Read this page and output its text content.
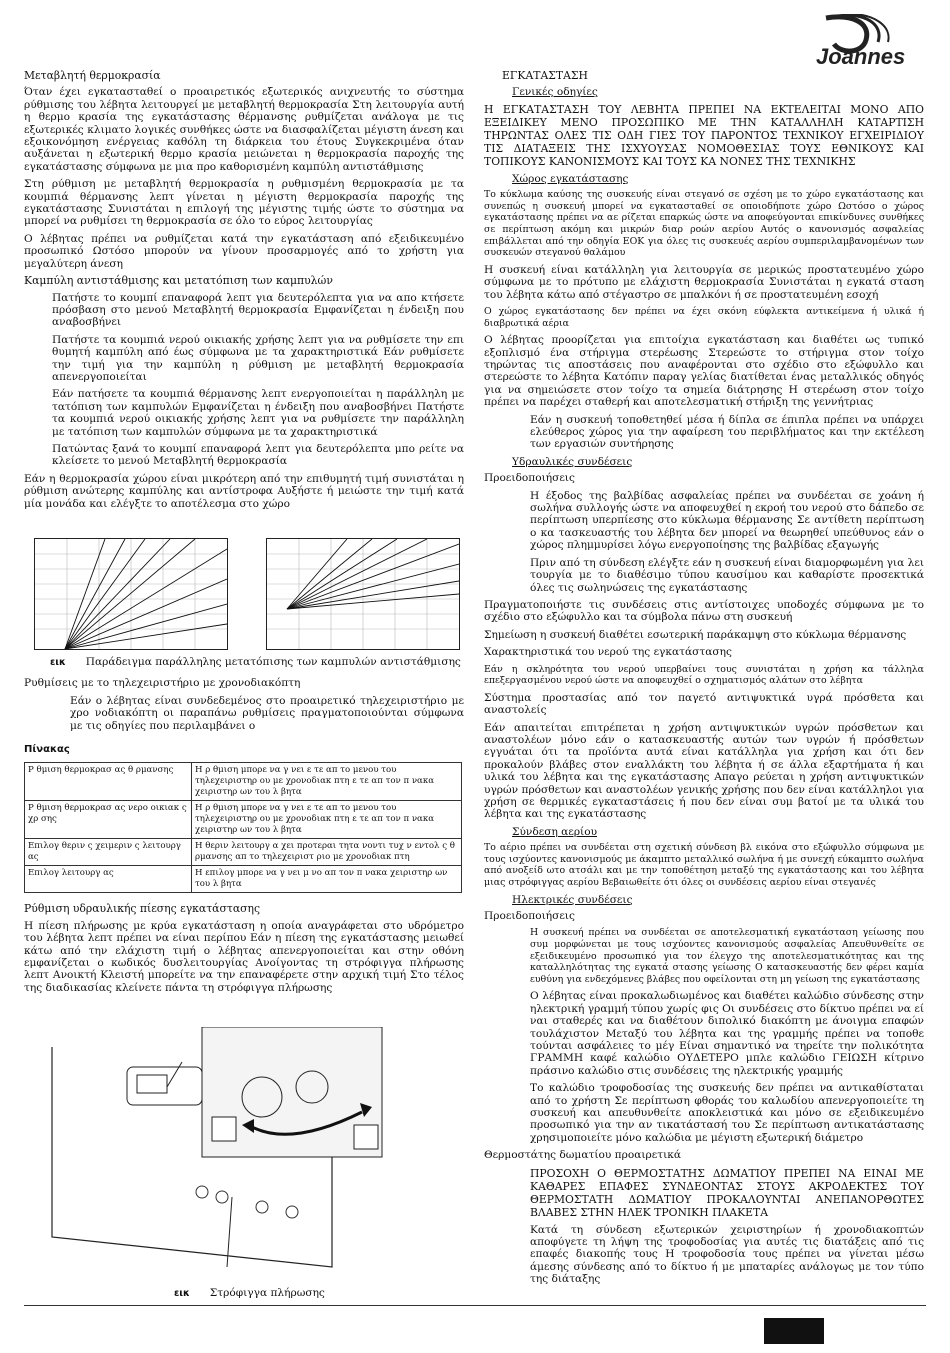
Joannes

Μεταβλητή θερμοκρασία

Όταν έχει εγκατασταθεί ο προαιρετικός εξωτερικός ανιχνευτής το σύστημα ρύθμισης του λέβητα λειτουργεί με μεταβλητή θερμοκρασία Στη λειτουργία αυτή η θερμο κρασία της εγκατάστασης θέρμανσης ρυθμίζεται ανάλογα με τις εξωτερικές κλιματο λογικές συνθήκες ώστε να διασφαλίζεται μέγιστη άνεση και εξοικονόμηση ενέργειας καθόλη τη διάρκεια του έτους Συγκεκριμένα όταν αυξάνεται η εξωτερική θερμο κρασία μειώνεται η θερμοκρασία παροχής της εγκατάστασης σύμφωνα με μια προ καθορισμένη καμπύλη αντιστάθμισης

Στη ρύθμιση με μεταβλητή θερμοκρασία η ρυθμισμένη θερμοκρασία με τα κουμπιά θέρμανσης λεπτ γίνεται η μέγιστη θερμοκρασία παροχής της εγκατάστασης Συνιστάται η επιλογή της μέγιστης τιμής ώστε το σύστημα να μπορεί να ρυθμίσει τη θερμοκρασία σε όλο το εύρος λειτουργίας

Ο λέβητας πρέπει να ρυθμίζεται κατά την εγκατάσταση από εξειδικευμένο προσωπικό Ωστόσο μπορούν να γίνουν προσαρμογές από το χρήστη για μεγαλύτερη άνεση

Καμπύλη αντιστάθμισης και μετατόπιση των καμπυλών

Πατήστε το κουμπί επαναφορά λεπτ για δευτερόλεπτα για να απο κτήσετε πρόσβαση στο μενού Μεταβλητή θερμοκρασία Εμφανίζεται η ένδειξη που αναβοσβήνει

Πατήστε τα κουμπιά νερού οικιακής χρήσης λεπτ για να ρυθμίσετε την επι θυμητή καμπύλη από έως σύμφωνα με τα χαρακτηριστικά Εάν ρυθμίσετε την τιμή για την καμπύλη η ρύθμιση με μεταβλητή θερμοκρασία απενεργοποιείται

Εάν πατήσετε τα κουμπιά θέρμανσης λεπτ ενεργοποιείται η παράλληλη με τατόπιση των καμπυλών Εμφανίζεται η ένδειξη που αναβοσβήνει Πατήστε τα κουμπιά νερού οικιακής χρήσης λεπτ για να ρυθμίσετε την παράλληλη με τατόπιση των καμπυλών σύμφωνα με τα χαρακτηριστικά

Πατώντας ξανά το κουμπί επαναφορά λεπτ για δευτερόλεπτα μπο ρείτε να κλείσετε το μενού Μεταβλητή θερμοκρασία

Εάν η θερμοκρασία χώρου είναι μικρότερη από την επιθυμητή τιμή συνιστάται η ρύθμιση ανώτερης καμπύλης και αντίστροφα Αυξήστε ή μειώστε την τιμή κατά μία μονάδα και ελέγξτε το αποτέλεσμα στο χώρο

εικ Παράδειγμα παράλληλης μετατόπισης των καμπυλών αντιστάθμισης

Ρυθμίσεις με το τηλεχειριστήριο με χρονοδιακόπτη

Εάν ο λέβητας είναι συνδεδεμένος στο προαιρετικό τηλεχειριστήριο με χρο νοδιακόπτη οι παραπάνω ρυθμίσεις πραγματοποιούνται σύμφωνα με τις οδηγίες που περιλαμβάνει ο

Πίνακας

Ρ θμιση θερμοκρασ ας θ ρμανσης	Η ρ θμιση μπορε να γ νει ε τε απ το μενου του τηλεχειριστηρ ου με χρονοδιακ πτη ε τε απ τον π νακα χειριστηρ ων του λ βητα
Ρ θμιση θερμοκρασ ας νερο οικιακ ς χρ σης	Η ρ θμιση μπορε να γ νει ε τε απ το μενου του τηλεχειριστηρ ου με χρονοδιακ πτη ε τε απ τον π νακα χειριστηρ ων του λ βητα
Επιλογ θεριν ς χειμεριν ς λειτουργ ας	Η θεριν λειτουργ α χει προτεραι τητα νοντι τυχ ν εντολ ς θ ρμανσης απ το τηλεχειριστ ριο με χρονοδιακ πτη
Επιλογ λειτουργ ας	Η επιλογ μπορε να γ νει μ νο απ τον π νακα χειριστηρ ων του λ βητα

Ρύθμιση υδραυλικής πίεσης εγκατάστασης

Η πίεση πλήρωσης με κρύα εγκατάσταση η οποία αναγράφεται στο υδρόμετρο του λέβητα λεπτ πρέπει να είναι περίπου Εάν η πίεση της εγκατάστασης μειωθεί κάτω από την ελάχιστη τιμή ο λέβητας απενεργοποιείται και στην οθόνη εμφανίζεται ο κωδικός δυσλειτουργίας Ανοίγοντας τη στρόφιγγα πλήρωσης λεπτ Ανοικτή Κλειστή μπορείτε να την επαναφέρετε στην αρχική τιμή Στο τέλος της διαδικασίας κλείνετε πάντα τη στρόφιγγα πλήρωσης

εικ Στρόφιγγα πλήρωσης

ΕΓΚΑΤΑΣΤΑΣΗ

Γενικές οδηγίες

Η ΕΓΚΑΤΑΣΤΑΣΗ ΤΟΥ ΛΕΒΗΤΑ ΠΡΕΠΕΙ ΝΑ ΕΚΤΕΛΕΙΤΑΙ ΜΟΝΟ ΑΠΟ ΕΞΕΙΔΙΚΕΥ ΜΕΝΟ ΠΡΟΣΩΠΙΚΟ ΜΕ ΤΗΝ ΚΑΤΑΛΛΗΛΗ ΚΑΤΑΡΤΙΣΗ ΤΗΡΩΝΤΑΣ ΟΛΕΣ ΤΙΣ ΟΔΗ ΓΙΕΣ ΤΟΥ ΠΑΡΟΝΤΟΣ ΤΕΧΝΙΚΟΥ ΕΓΧΕΙΡΙΔΙΟΥ ΤΙΣ ΔΙΑΤΑΞΕΙΣ ΤΗΣ ΙΣΧΥΟΥΣΑΣ ΝΟΜΟΘΕΣΙΑΣ ΤΟΥΣ ΕΘΝΙΚΟΥΣ ΚΑΙ ΤΟΠΙΚΟΥΣ ΚΑΝΟΝΙΣΜΟΥΣ ΚΑΙ ΤΟΥΣ ΚΑ ΝΟΝΕΣ ΤΗΣ ΤΕΧΝΙΚΗΣ

Χώρος εγκατάστασης

Το κύκλωμα καύσης της συσκευής είναι στεγανό σε σχέση με το χώρο εγκατάστασης και συνεπώς η συσκευή μπορεί να εγκατασταθεί σε οποιοδήποτε χώρο Ωστόσο ο χώρος εγκατάστασης πρέπει να αε ρίζεται επαρκώς ώστε να αποφεύγονται επικίνδυνες συνθήκες σε περίπτωση ακόμη και μικρών διαρ ροών αερίου Αυτός ο κανονισμός ασφαλείας επιβάλλεται από την οδηγία ΕΟΚ για όλες τις συσκευές αερίου συμπεριλαμβανομένων των συσκευών στεγανού θαλάμου

Η συσκευή είναι κατάλληλη για λειτουργία σε μερικώς προστατευμένο χώρο σύμφωνα με το πρότυπο με ελάχιστη θερμοκρασία Συνιστάται η εγκατά σταση του λέβητα κάτω από στέγαστρο σε μπαλκόνι ή σε προστατευμένη εσοχή

Ο χώρος εγκατάστασης δεν πρέπει να έχει σκόνη εύφλεκτα αντικείμενα ή υλικά ή διαβρωτικά αέρια

Ο λέβητας προορίζεται για επιτοίχια εγκατάσταση και διαθέτει ως τυπικό εξοπλισμό ένα στήριγμα στερέωσης Στερεώστε το στήριγμα στον τοίχο τηρώντας τις αποστάσεις που αναφέρονται στο σχέδιο στο εξώφυλλο και στερεώστε το λέβητα Κατόπιν παραγ γελίας διατίθεται ένας μεταλλικός οδηγός για να σημειώσετε στον τοίχο τα σημεία διάτρησης Η στερέωση στον τοίχο πρέπει να παρέχει σταθερή και αποτελεσματική στήριξη της γεννήτριας

Εάν η συσκευή τοποθετηθεί μέσα ή δίπλα σε έπιπλα πρέπει να υπάρχει ελεύθερος χώρος για την αφαίρεση του περιβλήματος και την εκτέλεση των εργασιών συντήρησης

Υδραυλικές συνδέσεις

Προειδοποιήσεις

Η έξοδος της βαλβίδας ασφαλείας πρέπει να συνδέεται σε χοάνη ή σωλήνα συλλογής ώστε να αποφευχθεί η εκροή του νερού στο δάπεδο σε περίπτωση υπερπίεσης στο κύκλωμα θέρμανσης Σε αντίθετη περίπτωση ο κα τασκευαστής του λέβητα δεν μπορεί να θεωρηθεί υπεύθυνος εάν ο χώρος πλημμυρίσει λόγω ενεργοποίησης της βαλβίδας εξαγωγής

Πριν από τη σύνδεση ελέγξτε εάν η συσκευή είναι διαμορφωμένη για λει τουργία με το διαθέσιμο τύπου καυσίμου και καθαρίστε προσεκτικά όλες τις σωληνώσεις της εγκατάστασης

Πραγματοποιήστε τις συνδέσεις στις αντίστοιχες υποδοχές σύμφωνα με το σχέδιο στο εξώφυλλο και τα σύμβολα πάνω στη συσκευή

Σημείωση η συσκευή διαθέτει εσωτερική παράκαμψη στο κύκλωμα θέρμανσης

Χαρακτηριστικά του νερού της εγκατάστασης

Εάν η σκληρότητα του νερού υπερβαίνει τους συνιστάται η χρήση κα τάλληλα επεξεργασμένου νερού ώστε να αποφευχθεί ο σχηματισμός αλάτων στο λέβητα

Σύστημα προστασίας από τον παγετό αντιψυκτικά υγρά πρόσθετα και αναστολείς

Εάν απαιτείται επιτρέπεται η χρήση αντιψυκτικών υγρών πρόσθετων και αναστολέων μόνο εάν ο κατασκευαστής αυτών των υγρών ή πρόσθετων εγγυάται ότι τα προϊόντα αυτά είναι κατάλληλα για χρήση και ότι δεν προκαλούν βλάβες στον εναλλάκτη του λέβητα ή σε άλλα εξαρτήματα ή και υλικά του λέβητα και της εγκατάστασης Απαγο ρεύεται η χρήση αντιψυκτικών υγρών πρόσθετων και αναστολέων γενικής χρήσης που δεν είναι κατάλληλοι για χρήση σε θερμικές εγκαταστάσεις ή που δεν είναι συμ βατοί με τα υλικά του λέβητα και της εγκατάστασης

Σύνδεση αερίου

Το αέριο πρέπει να συνδέεται στη σχετική σύνδεση βλ εικόνα στο εξώφυλλο σύμφωνα με τους ισχύοντες κανονισμούς με άκαμπτο μεταλλικό σωλήνα ή με συνεχή εύκαμπτο σωλήνα από ανοξείδ ωτο ατσάλι και με την τοποθέτηση μεταξύ της εγκατάστασης και του λέβητα μιας στρόφιγγας αερίου Βεβαιωθείτε ότι όλες οι συνδέσεις αερίου είναι στεγανές

Ηλεκτρικές συνδέσεις

Προειδοποιήσεις

Η συσκευή πρέπει να συνδέεται σε αποτελεσματική εγκατάσταση γείωσης που συμ μορφώνεται με τους ισχύοντες κανονισμούς ασφαλείας Απευθυνθείτε σε εξειδικευμένο προσωπικό για τον έλεγχο της αποτελεσματικότητας και της καταλληλότητας της εγκατά στασης γείωσης Ο κατασκευαστής δεν φέρει καμία ευθύνη για ενδεχόμενες βλάβες που οφείλονται στη μη γείωση της εγκατάστασης

Ο λέβητας είναι προκαλωδιωμένος και διαθέτει καλώδιο σύνδεσης στην ηλεκτρική γραμμή τύπου χωρίς φις Οι συνδέσεις στο δίκτυο πρέπει να εί ναι σταθερές και να διαθέτουν διπολικό διακόπτη με άνοιγμα επαφών τουλάχιστον Μεταξύ του λέβητα και της γραμμής πρέπει να τοποθε τούνται ασφάλειες το μέγ Είναι σημαντικό να τηρείτε την πολικότητα ΓΡΑΜΜΗ καφέ καλώδιο ΟΥΔΕΤΕΡΟ μπλε καλώδιο ΓΕΙΩΣΗ κίτρινο πράσινο καλώδιο στις συνδέσεις της ηλεκτρικής γραμμής

Το καλώδιο τροφοδοσίας της συσκευής δεν πρέπει να αντικαθίσταται από το χρήστη Σε περίπτωση φθοράς του καλωδίου απενεργοποιείτε τη συσκευή και απευθυνθείτε αποκλειστικά και μόνο σε εξειδικευμένο προσωπικό για την αν τικατάστασή του Σε περίπτωση αντικατάστασης χρησιμοποιείτε μόνο καλώδια με μέγιστη εξωτερική διάμετρο

Θερμοστάτης δωματίου προαιρετικά

ΠΡΟΣΟΧΗ Ο ΘΕΡΜΟΣΤΑΤΗΣ ΔΩΜΑΤΙΟΥ ΠΡΕΠΕΙ ΝΑ ΕΙΝΑΙ ΜΕ ΚΑΘΑΡΕΣ ΕΠΑΦΕΣ ΣΥΝΔΕΟΝΤΑΣ ΣΤΟΥΣ ΑΚΡΟΔΕΚΤΕΣ ΤΟΥ ΘΕΡΜΟΣΤΑΤΗ ΔΩΜΑΤΙΟΥ ΠΡΟΚΑΛΟΥΝΤΑΙ ΑΝΕΠΑΝΟΡΘΩΤΕΣ ΒΛΑΒΕΣ ΣΤΗΝ ΗΛΕΚ ΤΡΟΝΙΚΗ ΠΛΑΚΕΤΑ

Κατά τη σύνδεση εξωτερικών χειριστηρίων ή χρονοδιακοπτών αποφύγετε τη λήψη της τροφοδοσίας για αυτές τις διατάξεις από τις επαφές διακοπής τους Η τροφοδοσία τους πρέπει να γίνεται μέσω άμεσης σύνδεσης από το δίκτυο ή με μπαταρίες ανάλογως με τον τύπο της διάταξης
